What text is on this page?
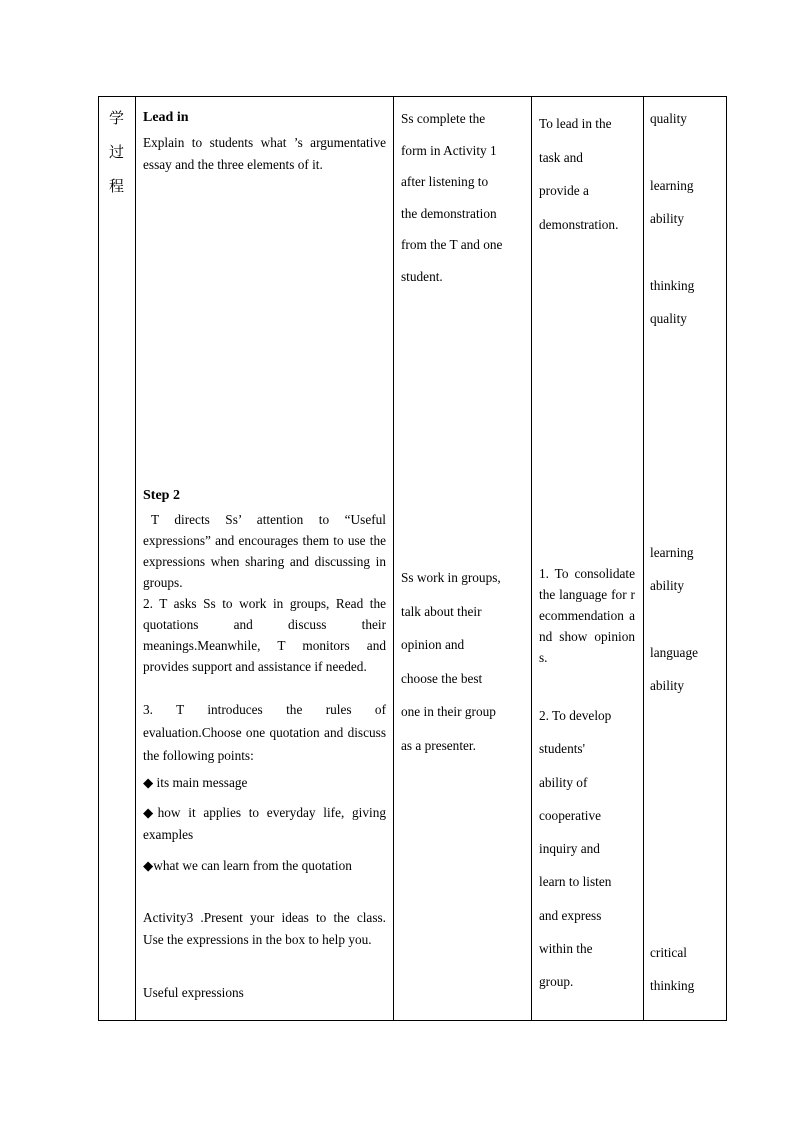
学
过
程
Lead in
Explain to students what ’s argumentative essay and the three elements of it.
Step 2
T directs Ss’ attention to “Useful expressions” and encourages them to use the expressions when sharing and discussing in groups.
2. T asks Ss to work in groups, Read the quotations and discuss their meanings.Meanwhile, T monitors and provides support and assistance if needed.
3. T introduces the rules of evaluation.Choose one quotation and discuss the following points:
◆ its main message
◆how it applies to everyday life, giving examples
◆what we can learn from the quotation
Activity3 .Present your ideas to the class. Use the expressions in the box to help you.
Useful expressions
Ss complete the
form in Activity 1
after listening to
the demonstration
from the T and one
student.
Ss work in groups,
talk about their
opinion and
choose the best
one in their group
as a presenter.
To lead in the
task and
provide a
demonstration.
1. To consolidate the language for recommendation and show opinions.
2. To develop
students'
ability of
cooperative
inquiry and
learn to listen
and express
within the
group.
quality
learning
ability
thinking
quality
learning
ability
language
ability
critical
thinking
